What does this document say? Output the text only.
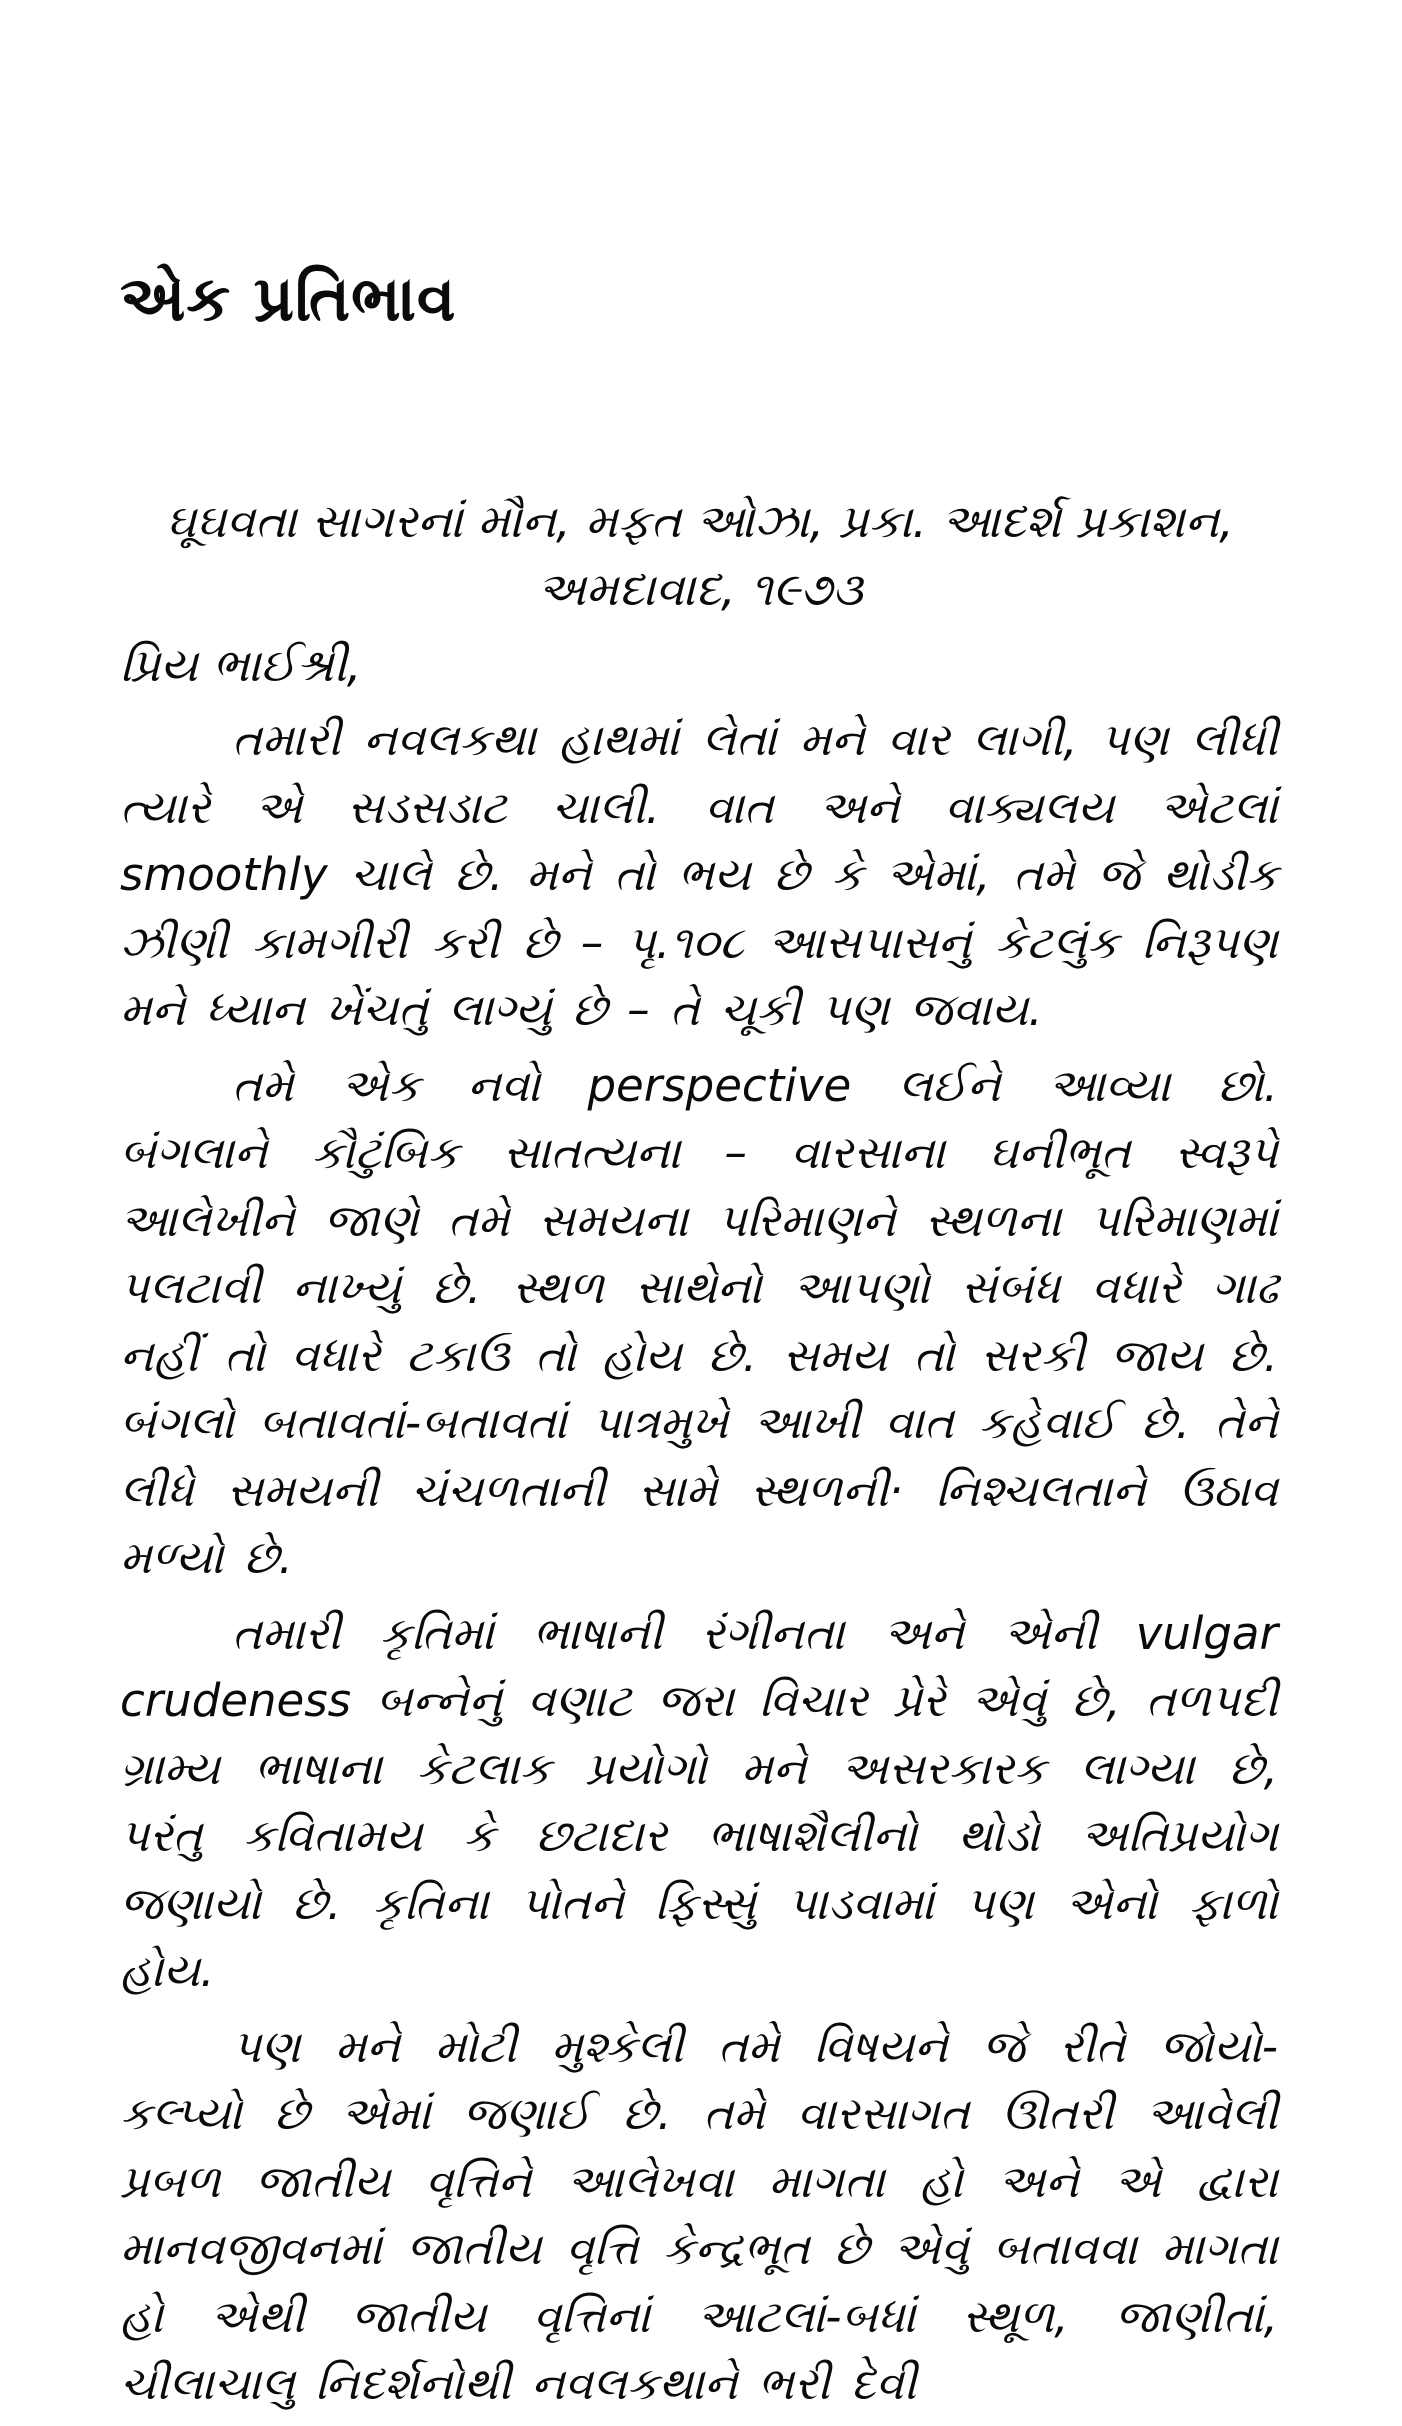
એક પ્રતિભાવ

ઘૂઘવતા સાગરનાં મૌન, મફત ઓઝા, પ્રકા. આદર્શ પ્રકાશન,

અમદાવાદ, ૧૯૭૩

પ્રિય ભાઈશ્રી,

તમારી નવલકથા હાથમાં લેતાં મને વાર લાગી, પણ લીધી ત્યારે એ સડસડાટ ચાલી. વાત અને વાક્યલય એટલાં smoothly ચાલે છે. મને તો ભય છે કે એમાં, તમે જે થોડીક ઝીણી કામગીરી કરી છે – પૃ.૧૦૮ આસપાસનું કેટલુંક નિરૂપણ મને ધ્યાન ખેંચતું લાગ્યું છે – તે ચૂકી પણ જવાય.

તમે એક નવો perspective લઈને આવ્યા છો. બંગલાને કૌટુંબિક સાતત્યના – વારસાના ઘનીભૂત સ્વરૂપે આલેખીને જાણે તમે સમયના પરિમાણને સ્થળના પરિમાણમાં પલટાવી નાખ્યું છે. સ્થળ સાથેનો આપણો સંબંધ વધારે ગાઢ નહીં તો વધારે ટકાઉ તો હોય છે. સમય તો સરકી જાય છે. બંગલો બતાવતાં-બતાવતાં પાત્રમુખે આખી વાત કહેવાઈ છે. તેને લીધે સમયની ચંચળતાની સામે સ્થળની· નિશ્ચલતાને ઉઠાવ મળ્યો છે.

તમારી કૃતિમાં ભાષાની રંગીનતા અને એની vulgar crudeness બન્નેનું વણાટ જરા વિચાર પ્રેરે એવું છે, તળપદી ગ્રામ્ય ભાષાના કેટલાક પ્રયોગો મને અસરકારક લાગ્યા છે, પરંતુ કવિતામય કે છટાદાર ભાષાશૈલીનો થોડો અતિપ્રયોગ જણાયો છે. કૃતિના પોતને ફિસ્સું પાડવામાં પણ એનો ફાળો હોય.

પણ મને મોટી મુશ્કેલી તમે વિષયને જે રીતે જોયો-કલ્પ્યો છે એમાં જણાઈ છે. તમે વારસાગત ઊતરી આવેલી પ્રબળ જાતીય વૃત્તિને આલેખવા માગતા હો અને એ દ્વારા માનવજીવનમાં જાતીય વૃત્તિ કેન્દ્રભૂત છે એવું બતાવવા માગતા હો એથી જાતીય વૃત્તિનાં આટલાં-બધાં સ્થૂળ, જાણીતાં, ચીલાચાલુ નિદર્શનોથી નવલકથાને ભરી દેવી
